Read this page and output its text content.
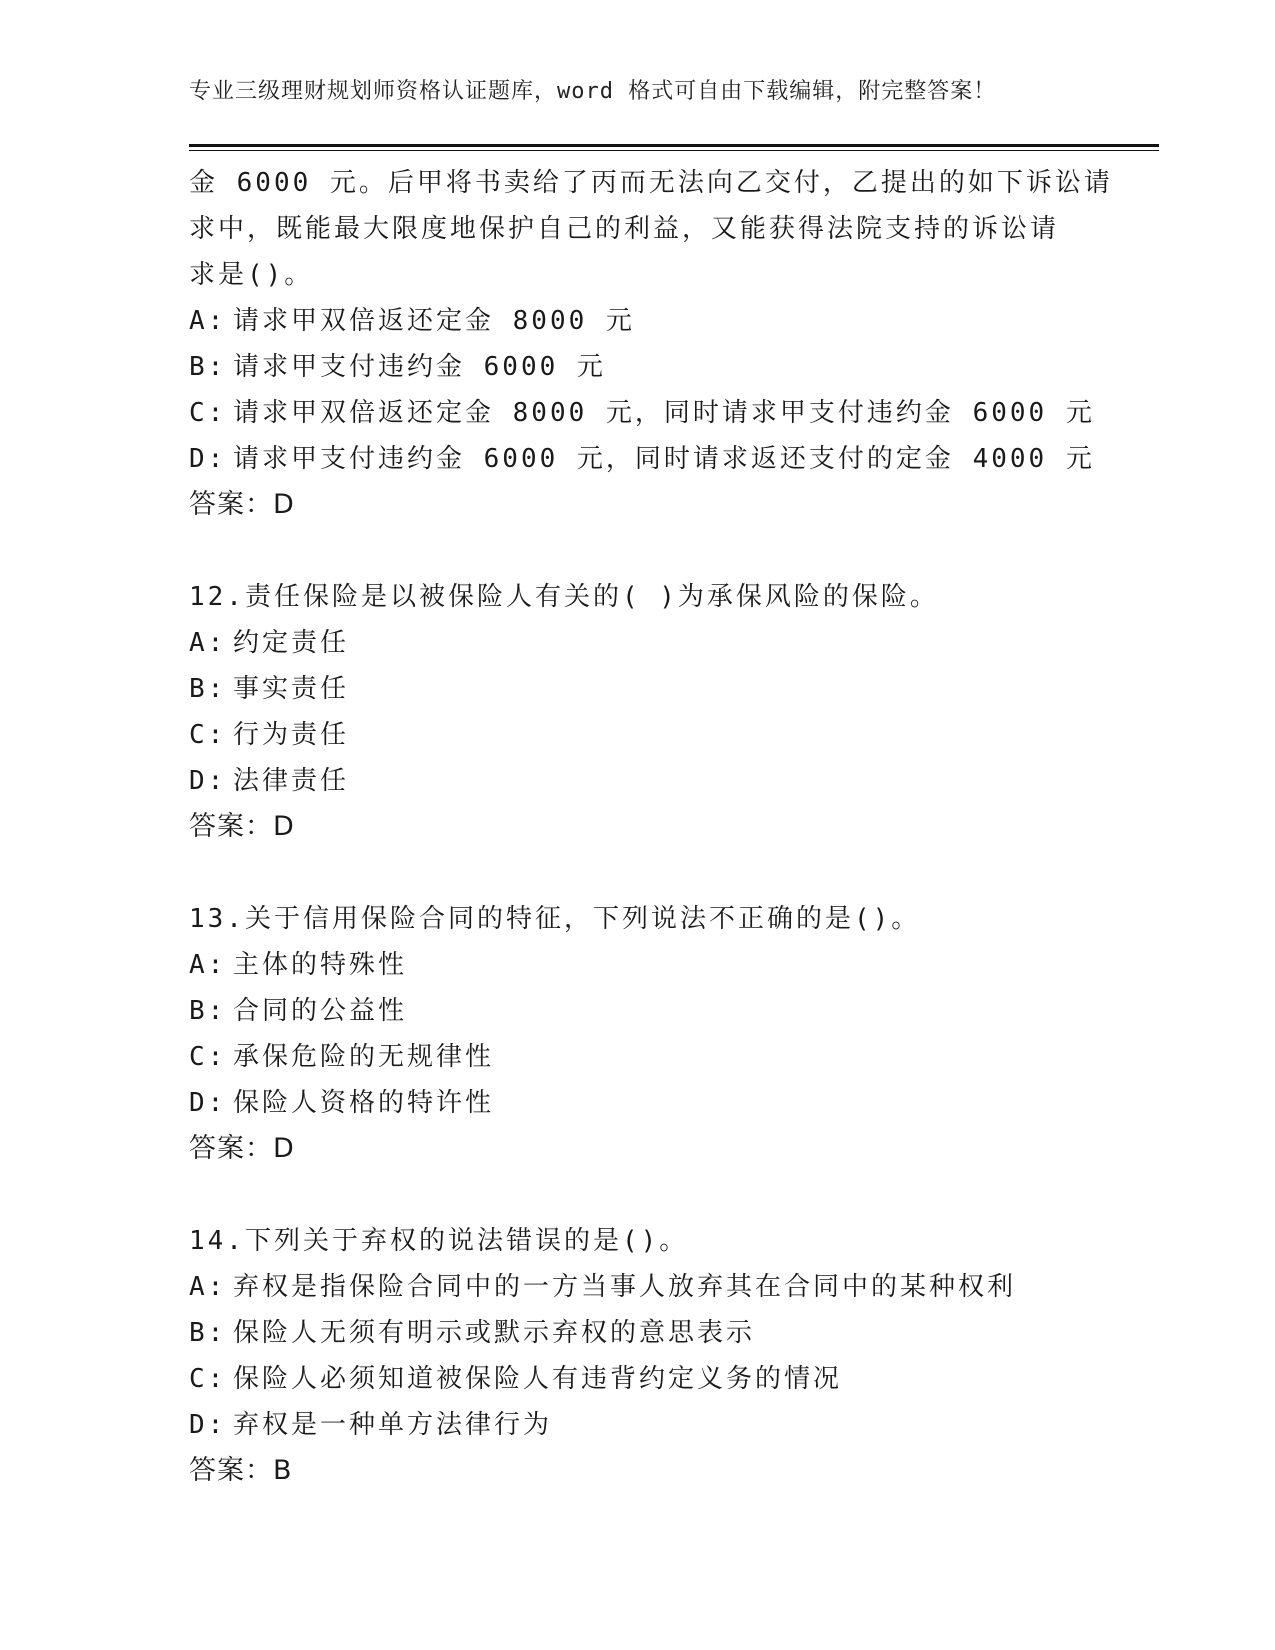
专业三级理财规划师资格认证题库，word 格式可自由下载编辑，附完整答案！
金 6000 元。后甲将书卖给了丙而无法向乙交付，乙提出的如下诉讼请
求中，既能最大限度地保护自己的利益，又能获得法院支持的诉讼请
求是()。
A: 请求甲双倍返还定金 8000 元
B: 请求甲支付违约金 6000 元
C: 请求甲双倍返还定金 8000 元，同时请求甲支付违约金 6000 元
D: 请求甲支付违约金 6000 元，同时请求返还支付的定金 4000 元
答案：D
12.责任保险是以被保险人有关的( )为承保风险的保险。
A: 约定责任
B: 事实责任
C: 行为责任
D: 法律责任
答案：D
13.关于信用保险合同的特征，下列说法不正确的是()。
A: 主体的特殊性
B: 合同的公益性
C: 承保危险的无规律性
D: 保险人资格的特许性
答案：D
14.下列关于弃权的说法错误的是()。
A: 弃权是指保险合同中的一方当事人放弃其在合同中的某种权利
B: 保险人无须有明示或默示弃权的意思表示
C: 保险人必须知道被保险人有违背约定义务的情况
D: 弃权是一种单方法律行为
答案：B
